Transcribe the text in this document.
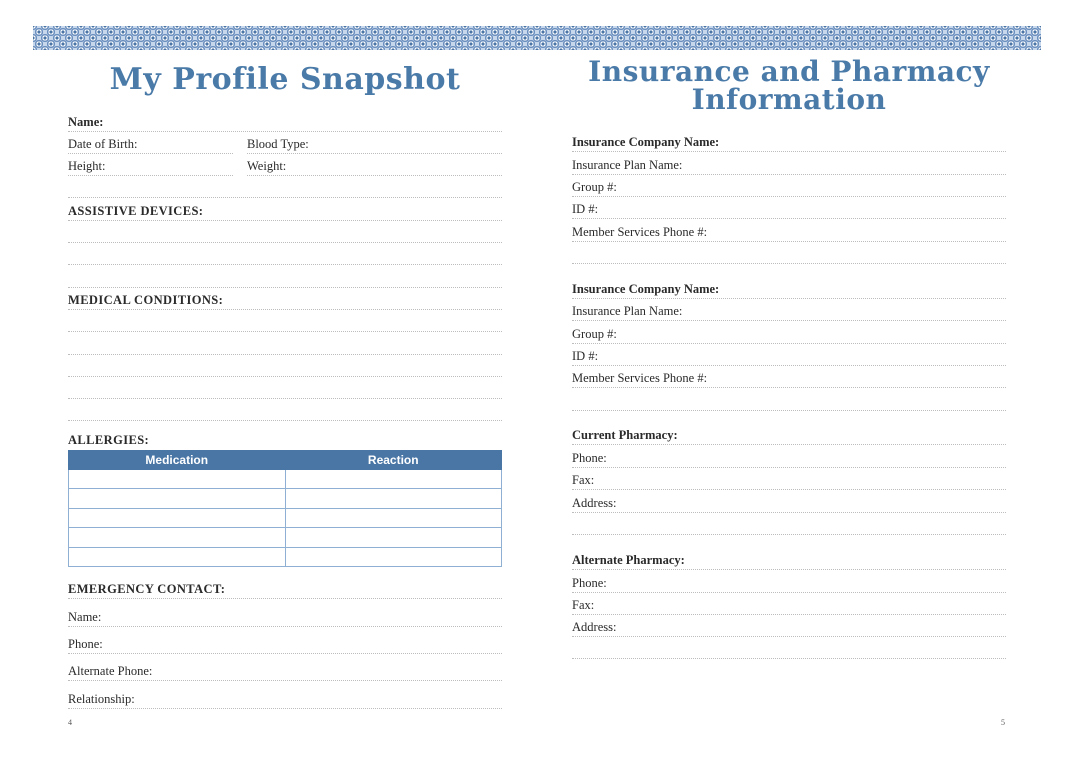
My Profile Snapshot
Name:
Date of Birth:	Blood Type:
Height:	Weight:
ASSISTIVE DEVICES:
MEDICAL CONDITIONS:
ALLERGIES:
Medication	Reaction

EMERGENCY CONTACT:
Name:
Phone:
Alternate Phone:
Relationship:
4
Insurance and Pharmacy Information
Insurance Company Name:
Insurance Plan Name:
Group #:
ID #:
Member Services Phone #:
Insurance Company Name:
Insurance Plan Name:
Group #:
ID #:
Member Services Phone #:
Current Pharmacy:
Phone:
Fax:
Address:
Alternate Pharmacy:
Phone:
Fax:
Address:
5
